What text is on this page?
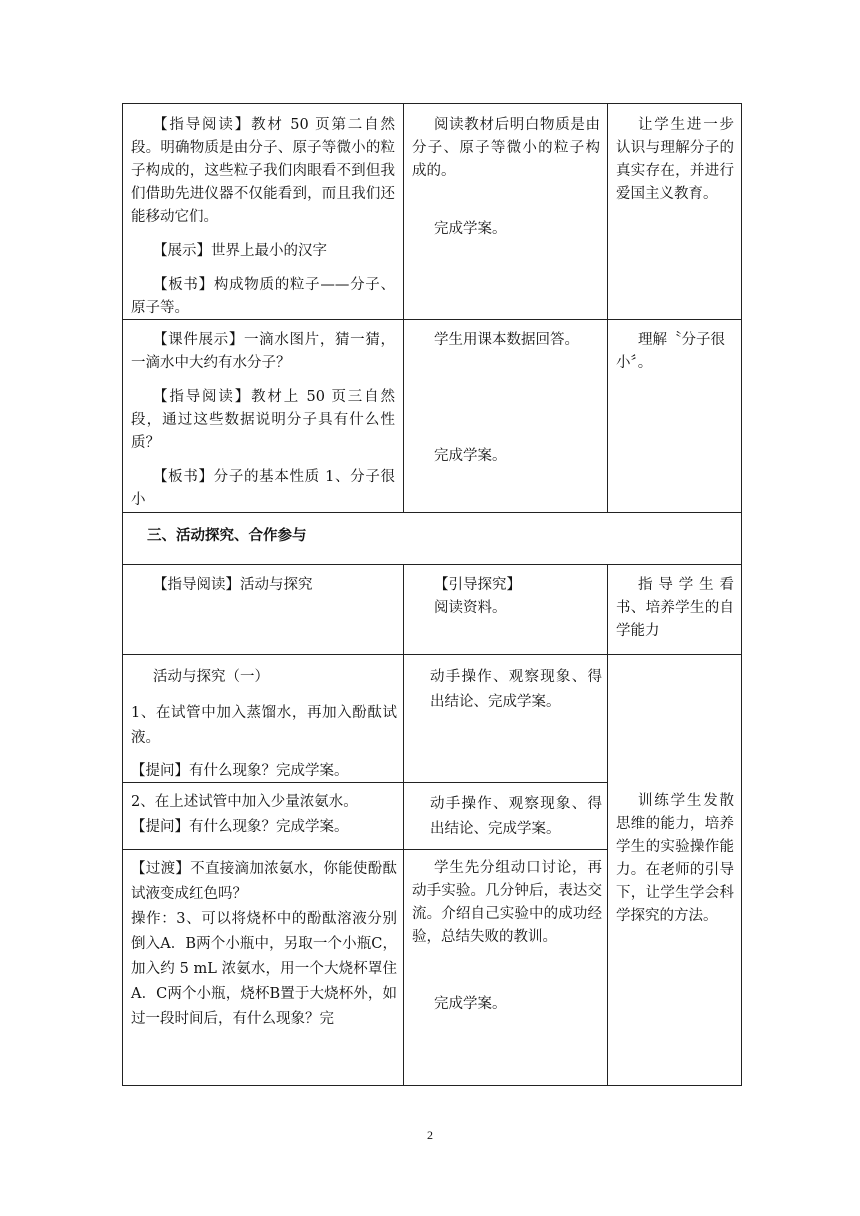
【指导阅读】教材 50 页第二自然段。明确物质是由分子、原子等微小的粒子构成的，这些粒子我们肉眼看不到但我们借助先进仪器不仅能看到，而且我们还能移动它们。

【展示】世界上最小的汉字

【板书】构成物质的粒子——分子、原子等。

阅读教材后明白物质是由分子、原子等微小的粒子构成的。

完成学案。

让学生进一步认识与理解分子的真实存在，并进行爱国主义教育。

【课件展示】一滴水图片，猜一猜，一滴水中大约有水分子？

【指导阅读】教材上 50 页三自然段，通过这些数据说明分子具有什么性质？

【板书】分子的基本性质 1、分子很小

学生用课本数据回答。

完成学案。

理解〝分子很小〞。

三、活动探究、合作参与

【指导阅读】活动与探究	【引导探究】

阅读资料。

指导学生看书、培养学生的自学能力

活动与探究（一）

1、在试管中加入蒸馏水，再加入酚酞试液。

【提问】有什么现象？完成学案。

动手操作、观察现象、得出结论、完成学案。

2、在上述试管中加入少量浓氨水。

【提问】有什么现象？完成学案。

动手操作、观察现象、得出结论、完成学案。

训练学生发散思维的能力，培养学生的实验操作能力。在老师的引导下，让学生学会科学探究的方法。

【过渡】不直接滴加浓氨水，你能使酚酞试液变成红色吗？

操作：3、可以将烧杯中的酚酞溶液分别倒入A．B两个小瓶中，另取一个小瓶C，加入约 5 mL 浓氨水，用一个大烧杯罩住 A．C两个小瓶，烧杯B置于大烧杯外，如过一段时间后，有什么现象？完

学生先分组动口讨论，再动手实验。几分钟后，表达交流。介绍自己实验中的成功经验，总结失败的教训。

完成学案。

2
